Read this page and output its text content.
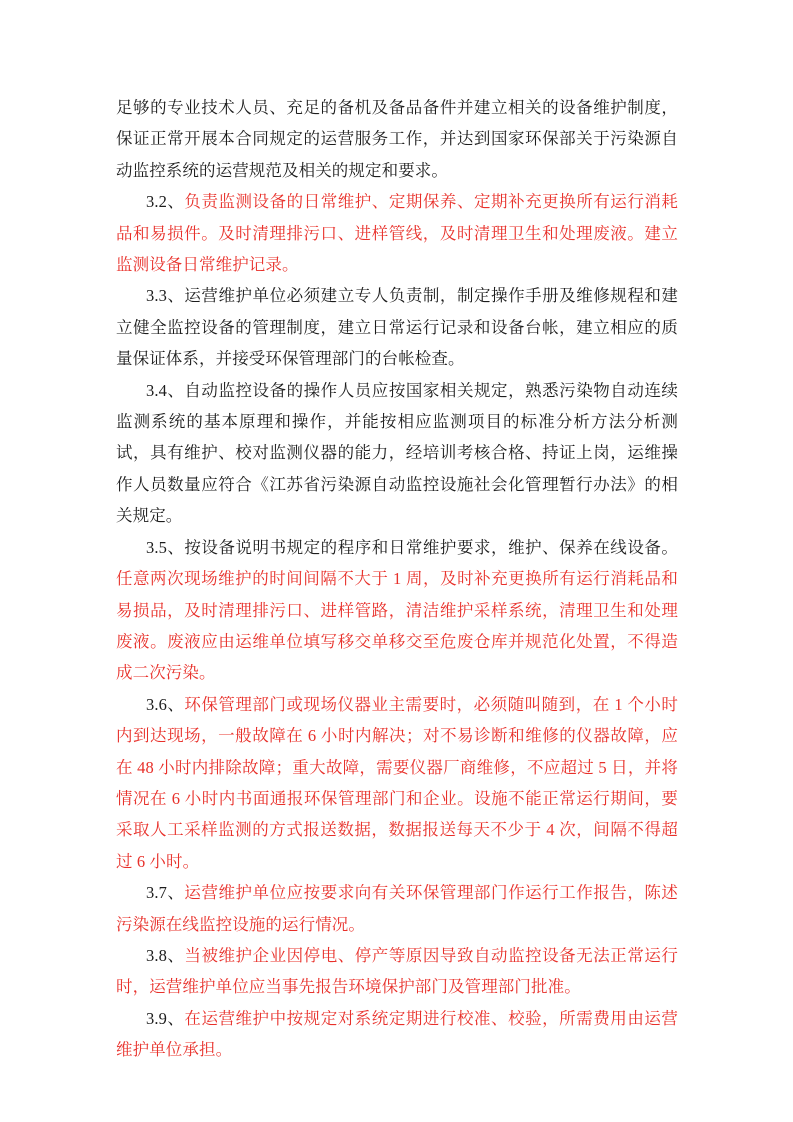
足够的专业技术人员、充足的备机及备品备件并建立相关的设备维护制度，保证正常开展本合同规定的运营服务工作，并达到国家环保部关于污染源自动监控系统的运营规范及相关的规定和要求。

3.2、负责监测设备的日常维护、定期保养、定期补充更换所有运行消耗品和易损件。及时清理排污口、进样管线，及时清理卫生和处理废液。建立监测设备日常维护记录。

3.3、运营维护单位必须建立专人负责制，制定操作手册及维修规程和建立健全监控设备的管理制度，建立日常运行记录和设备台帐，建立相应的质量保证体系，并接受环保管理部门的台帐检查。

3.4、自动监控设备的操作人员应按国家相关规定，熟悉污染物自动连续监测系统的基本原理和操作，并能按相应监测项目的标准分析方法分析测试，具有维护、校对监测仪器的能力，经培训考核合格、持证上岗，运维操作人员数量应符合《江苏省污染源自动监控设施社会化管理暂行办法》的相关规定。

3.5、按设备说明书规定的程序和日常维护要求，维护、保养在线设备。任意两次现场维护的时间间隔不大于 1 周，及时补充更换所有运行消耗品和易损品，及时清理排污口、进样管路，清洁维护采样系统，清理卫生和处理废液。废液应由运维单位填写移交单移交至危废仓库并规范化处置，不得造成二次污染。

3.6、环保管理部门或现场仪器业主需要时，必须随叫随到，在 1 个小时内到达现场，一般故障在 6 小时内解决；对不易诊断和维修的仪器故障，应在 48 小时内排除故障；重大故障，需要仪器厂商维修，不应超过 5 日，并将情况在 6 小时内书面通报环保管理部门和企业。设施不能正常运行期间，要采取人工采样监测的方式报送数据，数据报送每天不少于 4 次，间隔不得超过 6 小时。

3.7、运营维护单位应按要求向有关环保管理部门作运行工作报告，陈述污染源在线监控设施的运行情况。

3.8、当被维护企业因停电、停产等原因导致自动监控设备无法正常运行时，运营维护单位应当事先报告环境保护部门及管理部门批准。

3.9、在运营维护中按规定对系统定期进行校准、校验，所需费用由运营维护单位承担。
